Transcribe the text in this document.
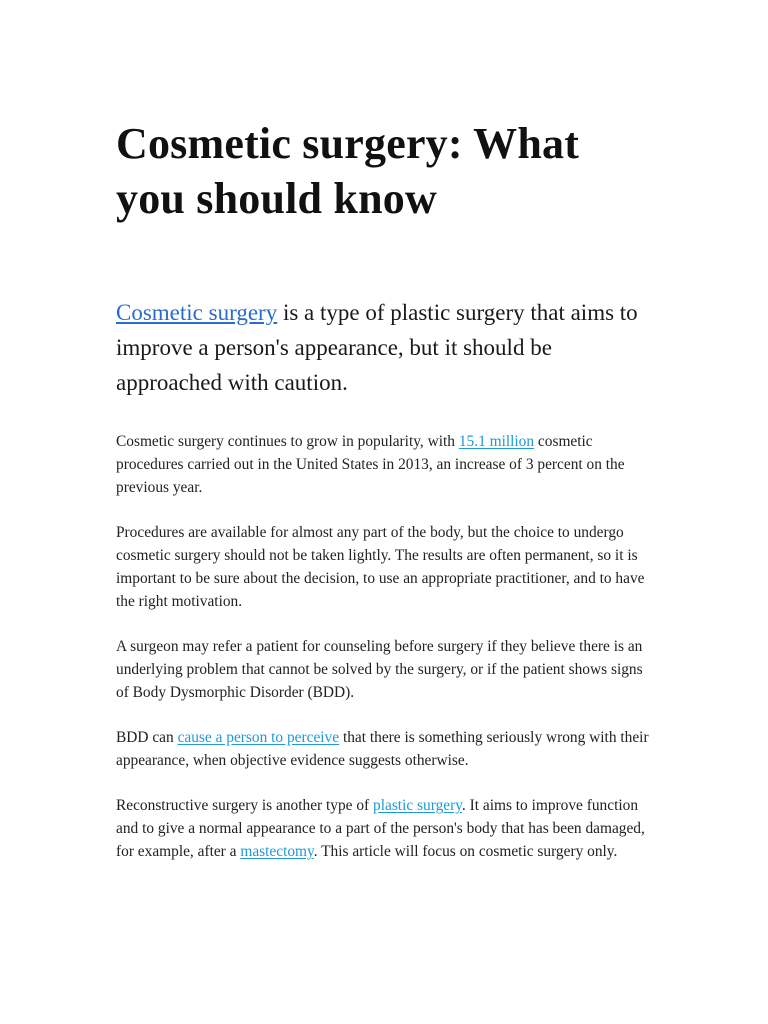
Cosmetic surgery: What you should know

Cosmetic surgery is a type of plastic surgery that aims to improve a person's appearance, but it should be approached with caution.

Cosmetic surgery continues to grow in popularity, with 15.1 million cosmetic procedures carried out in the United States in 2013, an increase of 3 percent on the previous year.

Procedures are available for almost any part of the body, but the choice to undergo cosmetic surgery should not be taken lightly. The results are often permanent, so it is important to be sure about the decision, to use an appropriate practitioner, and to have the right motivation.

A surgeon may refer a patient for counseling before surgery if they believe there is an underlying problem that cannot be solved by the surgery, or if the patient shows signs of Body Dysmorphic Disorder (BDD).

BDD can cause a person to perceive that there is something seriously wrong with their appearance, when objective evidence suggests otherwise.

Reconstructive surgery is another type of plastic surgery. It aims to improve function and to give a normal appearance to a part of the person's body that has been damaged, for example, after a mastectomy. This article will focus on cosmetic surgery only.
